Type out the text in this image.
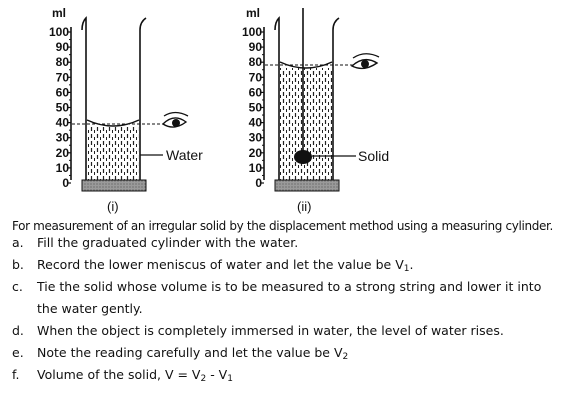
ml
100
90
80
70
60
50
40
30
20
10
0
Water
(i)
ml
100
90
80
70
60
50
40
30
20
10
0
Solid
(ii)

For measurement of an irregular solid by the displacement method using a measuring cylinder.

a. Fill the graduated cylinder with the water.
b. Record the lower meniscus of water and let the value be $V_1$.
c. Tie the solid whose volume is to be measured to a strong string and lower it into
the water gently.
d. When the object is completely immersed in water, the level of water rises.
e. Note the reading carefully and let the value be $V_2$
f. Volume of the solid, $V = V_2 - V_1$
